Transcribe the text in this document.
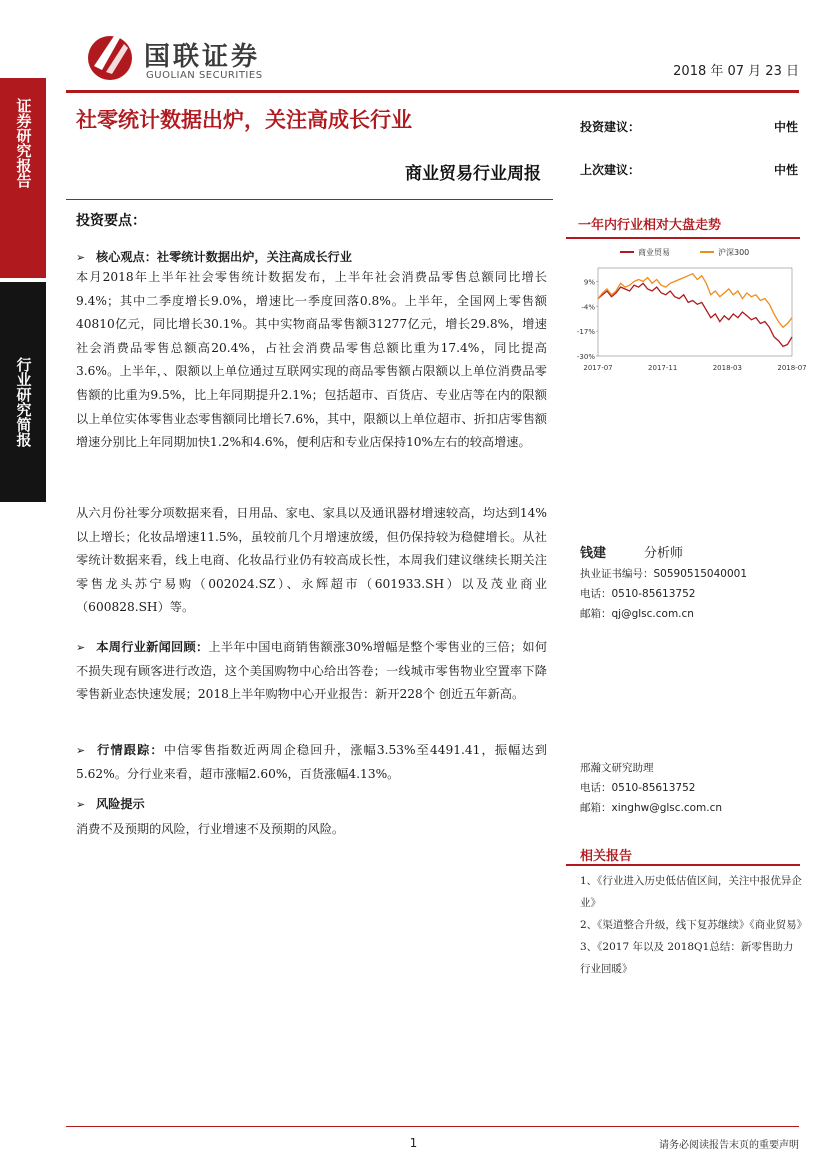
国联证券
GUOLIAN SECURITIES	2018 年 07 月 23 日
证券研究报告
行业研究简报
社零统计数据出炉，关注高成长行业
商业贸易行业周报
投资建议：	中性
上次建议：	中性
投资要点：
➢ 核心观点：社零统计数据出炉，关注高成长行业
本月2018年上半年社会零售统计数据发布，上半年社会消费品零售总额同比增长9.4%；其中二季度增长9.0%，增速比一季度回落0.8%。上半年，全国网上零售额40810亿元，同比增长30.1%。其中实物商品零售额31277亿元，增长29.8%，增速社会消费品零售总额高20.4%，占社会消费品零售总额比重为17.4%，同比提高3.6%。上半年，、限额以上单位通过互联网实现的商品零售额占限额以上单位消费品零售额的比重为9.5%，比上年同期提升2.1%；包括超市、百货店、专业店等在内的限额以上单位实体零售业态零售额同比增长7.6%，其中，限额以上单位超市、折扣店零售额增速分别比上年同期加快1.2%和4.6%，便利店和专业店保持10%左右的较高增速。
从六月份社零分项数据来看，日用品、家电、家具以及通讯器材增速较高，均达到14%以上增长；化妆品增速11.5%，虽较前几个月增速放缓，但仍保持较为稳健增长。从社零统计数据来看，线上电商、化妆品行业仍有较高成长性，本周我们建议继续长期关注零售龙头苏宁易购（002024.SZ）、永辉超市（601933.SH）以及茂业商业（600828.SH）等。
➢ 本周行业新闻回顾：上半年中国电商销售额涨30%增幅是整个零售业的三倍；如何不损失现有顾客进行改造，这个美国购物中心给出答卷；一线城市零售物业空置率下降 零售新业态快速发展；2018上半年购物中心开业报告：新开228个 创近五年新高。
➢ 行情跟踪：中信零售指数近两周企稳回升，涨幅3.53%至4491.41，振幅达到5.62%。分行业来看，超市涨幅2.60%，百货涨幅4.13%。
➢ 风险提示
消费不及预期的风险，行业增速不及预期的风险。
一年内行业相对大盘走势
9%
-4%
-17%
-30%
2017-07	2017-11	2018-03	2018-07
商业贸易	沪深300
钱建	分析师
执业证书编号：S0590515040001
电话：0510-85613752
邮箱：qj@glsc.com.cn
邢瀚文研究助理
电话：0510-85613752
邮箱：xinghw@glsc.com.cn
相关报告
1、《行业进入历史低估值区间，关注中报优异企业》
2、《渠道整合升级，线下复苏继续》《商业贸易》
3、《2017 年以及 2018Q1总结：新零售助力行业回暖》
1	请务必阅读报告末页的重要声明
